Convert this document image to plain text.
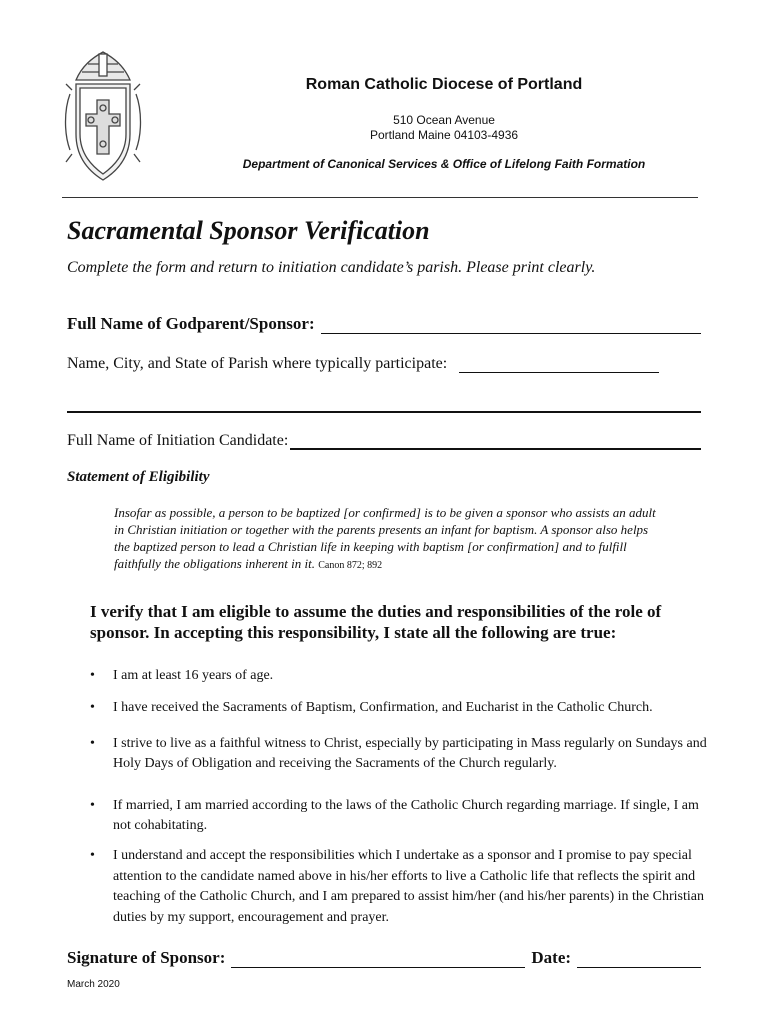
Roman Catholic Diocese of Portland
510 Ocean Avenue
Portland Maine 04103-4936
Department of Canonical Services & Office of Lifelong Faith Formation
Sacramental Sponsor Verification
Complete the form and return to initiation candidate’s parish. Please print clearly.
Full Name of Godparent/Sponsor:
Name, City, and State of Parish where typically participate:
Full Name of Initiation Candidate:
Statement of Eligibility
Insofar as possible, a person to be baptized [or confirmed] is to be given a sponsor who assists an adult in Christian initiation or together with the parents presents an infant for baptism. A sponsor also helps the baptized person to lead a Christian life in keeping with baptism [or confirmation] and to fulfill faithfully the obligations inherent in it. Canon 872; 892
I verify that I am eligible to assume the duties and responsibilities of the role of sponsor. In accepting this responsibility, I state all the following are true:
• I am at least 16 years of age.
• I have received the Sacraments of Baptism, Confirmation, and Eucharist in the Catholic Church.
• I strive to live as a faithful witness to Christ, especially by participating in Mass regularly on Sundays and Holy Days of Obligation and receiving the Sacraments of the Church regularly.
• If married, I am married according to the laws of the Catholic Church regarding marriage. If single, I am not cohabitating.
• I understand and accept the responsibilities which I undertake as a sponsor and I promise to pay special attention to the candidate named above in his/her efforts to live a Catholic life that reflects the spirit and teaching of the Catholic Church, and I am prepared to assist him/her (and his/her parents) in the Christian duties by my support, encouragement and prayer.
Signature of Sponsor:	Date:
March 2020
